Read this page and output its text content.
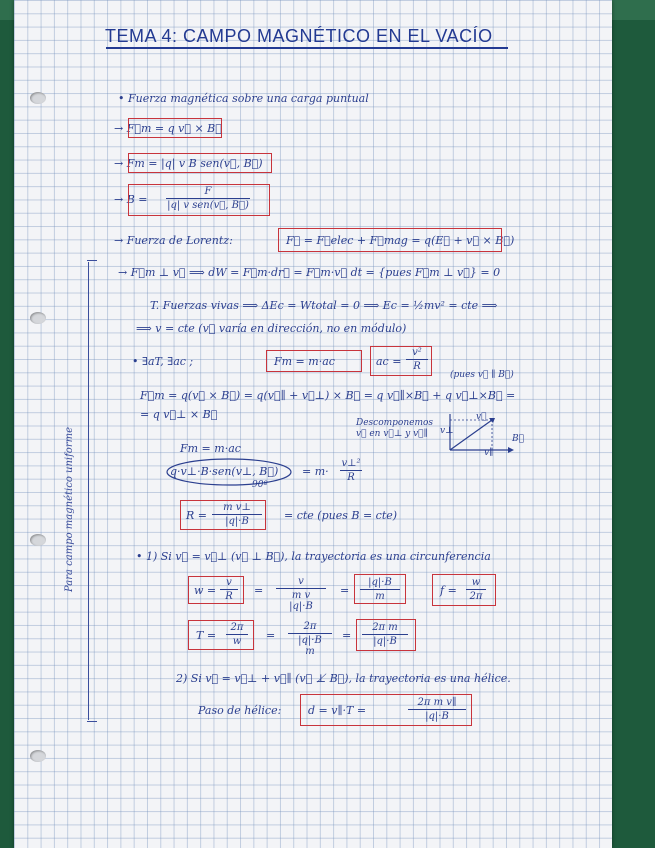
TEMA 4: CAMPO MAGNÉTICO EN EL VACÍO
Para campo magnético uniforme
• Fuerza magnética sobre una carga puntual
→ F⃗m = q v⃗ × B⃗
→ Fm = |q| v B sen(v⃗, B⃗)
→ B =
F
|q| v sen(v⃗, B⃗)
→ Fuerza de Lorentz:	F⃗ = F⃗elec + F⃗mag = q(E⃗ + v⃗ × B⃗)
→ F⃗m ⊥ v⃗ ⟹ dW = F⃗m·dr⃗ = F⃗m·v⃗ dt = {pues F⃗m ⊥ v⃗} = 0
T. Fuerzas vivas ⟹ ΔEc = Wtotal = 0 ⟹ Ec = ½mv² = cte ⟹
⟹ v = cte (v⃗ varía en dirección, no en módulo)
• ∃aT, ∃ac ;	Fm = m·ac	ac =
v²
R
(pues v⃗ ∥ B⃗)
F⃗m = q(v⃗ × B⃗) = q(v⃗∥ + v⃗⊥) × B⃗ = q v⃗∥×B⃗ + q v⃗⊥×B⃗ =
= q v⃗⊥ × B⃗
Descomponemos v⃗ en v⃗⊥ y v⃗∥
v⃗
B⃗
v⊥
v∥
Fm = m·ac
q·v⊥·B·sen(v⊥, B⃗)
90º
= m·
v⊥²
R
R =
m v⊥
|q|·B	= cte (pues B = cte)
• 1) Si v⃗ = v⃗⊥ (v⃗ ⊥ B⃗), la trayectoria es una circunferencia
w =
v
R	=
v
m v
|q|·B
=
|q|·B
m	f =
w
2π
T =
2π
w	=
2π
|q|·B
m
=
2π m
|q|·B
2) Si v⃗ = v⃗⊥ + v⃗∥ (v⃗ ⊥̸ B⃗), la trayectoria es una hélice.
Paso de hélice: d = v∥·T =
2π m v∥
|q|·B
